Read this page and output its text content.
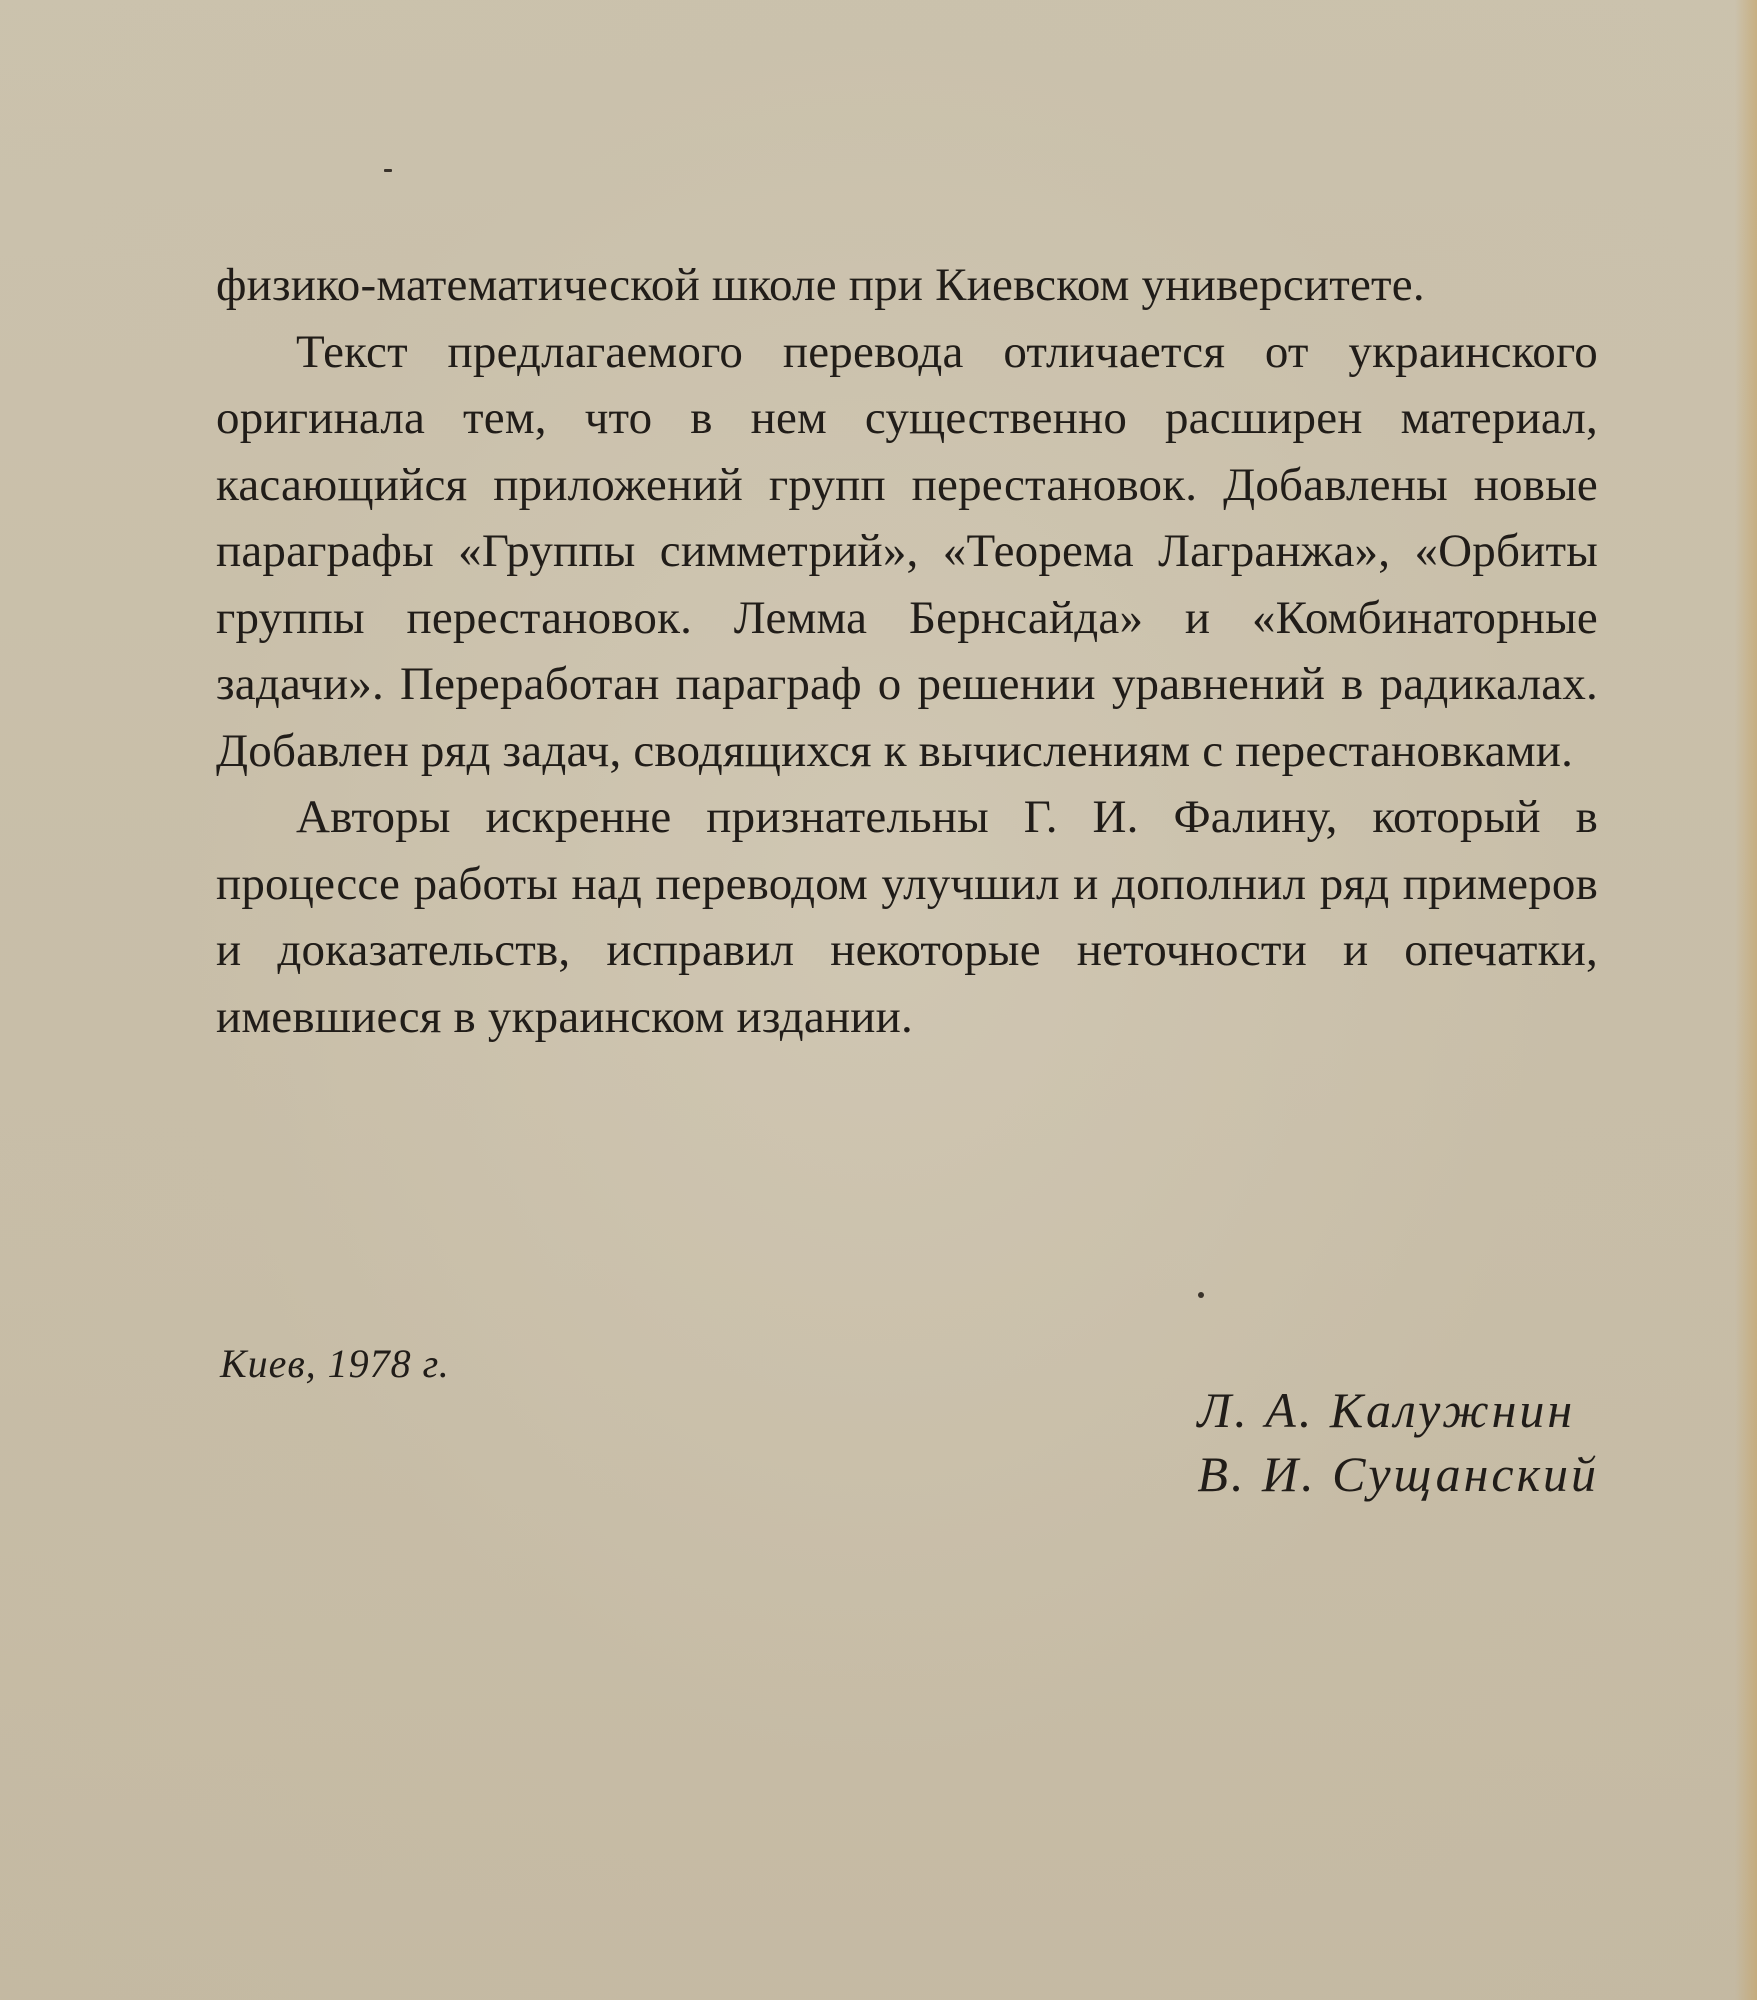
физико-математической школе при Киевском университете.

Текст предлагаемого перевода отличается от украинского оригинала тем, что в нем существенно расширен материал, касающийся приложений групп перестановок. Добавлены новые параграфы «Группы симметрий», «Теорема Лагранжа», «Орбиты группы перестановок. Лемма Бернсайда» и «Комбинаторные задачи». Переработан параграф о решении уравнений в радикалах. Добавлен ряд задач, сводящихся к вычислениям с перестановками.

Авторы искренне признательны Г. И. Фалину, который в процессе работы над переводом улучшил и дополнил ряд примеров и доказательств, исправил некоторые неточности и опечатки, имевшиеся в украинском издании.

Киев, 1978 г.
Л. А. Калужнин
В. И. Сущанский
